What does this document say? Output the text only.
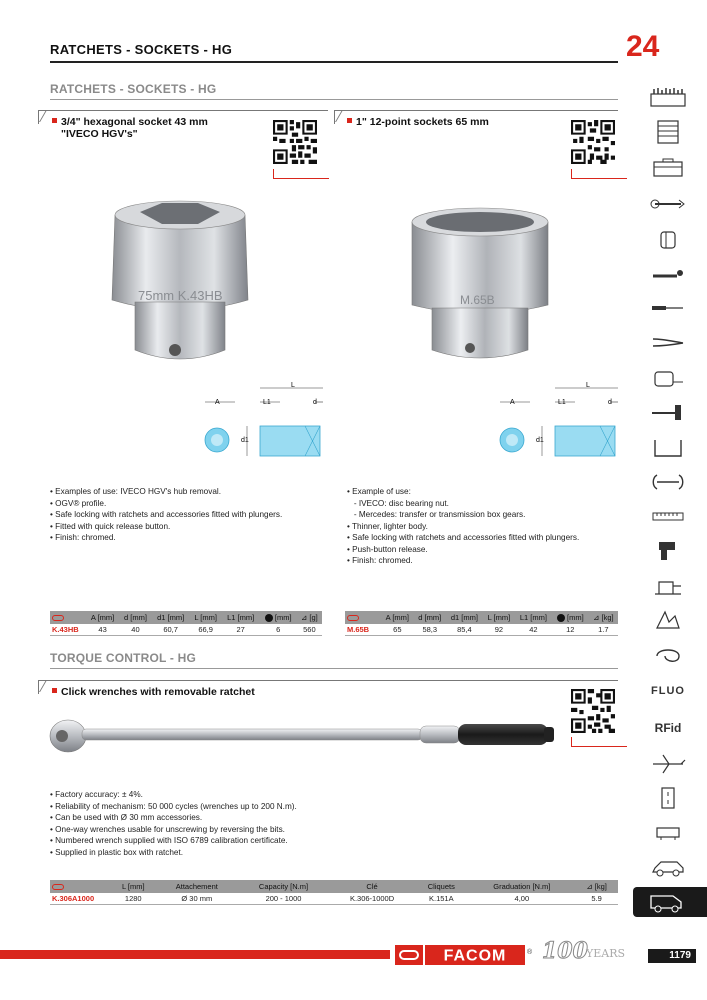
RATCHETS - SOCKETS - HG	24
RATCHETS - SOCKETS - HG
3/4" hexagonal socket 43 mm
"IVECO HGV's"
75mm K.43HB
L
A	L1	d
d1
• Examples of use: IVECO HGV's hub removal.
• OGV® profile.
• Safe locking with ratchets and accessories fitted with plungers.
• Fitted with quick release button.
• Finish: chromed.
	A [mm]	d [mm]	d1 [mm]	L [mm]	L1 [mm]	[mm]	⊿ [g]
K.43HB	43	40	60,7	66,9	27	6	560
1" 12-point sockets 65 mm
M.65B
L
A	L1	d
d1
• Example of use:
- IVECO: disc bearing nut.
- Mercedes: transfer or transmission box gears.
• Thinner, lighter body.
• Safe locking with ratchets and accessories fitted with plungers.
• Push-button release.
• Finish: chromed.
	A [mm]	d [mm]	d1 [mm]	L [mm]	L1 [mm]	[mm]	⊿ [kg]
M.65B	65	58,3	85,4	92	42	12	1.7
TORQUE CONTROL - HG
Click wrenches with removable ratchet
• Factory accuracy: ± 4%.
• Reliability of mechanism: 50 000 cycles (wrenches up to 200 N.m).
• Can be used with Ø 30 mm accessories.
• One-way wrenches usable for unscrewing by reversing the bits.
• Numbered wrench supplied with ISO 6789 calibration certificate.
• Supplied in plastic box with ratchet.
	L [mm]	Attachement	Capacity [N.m]	Clé	Cliquets	Graduation [N.m]	⊿ [kg]
K.306A1000	1280	Ø 30 mm	200 - 1000	K.306-1000D	K.151A	4,00	5.9
FLUO
RFid
FACOM	® 100
YEARS	1179
